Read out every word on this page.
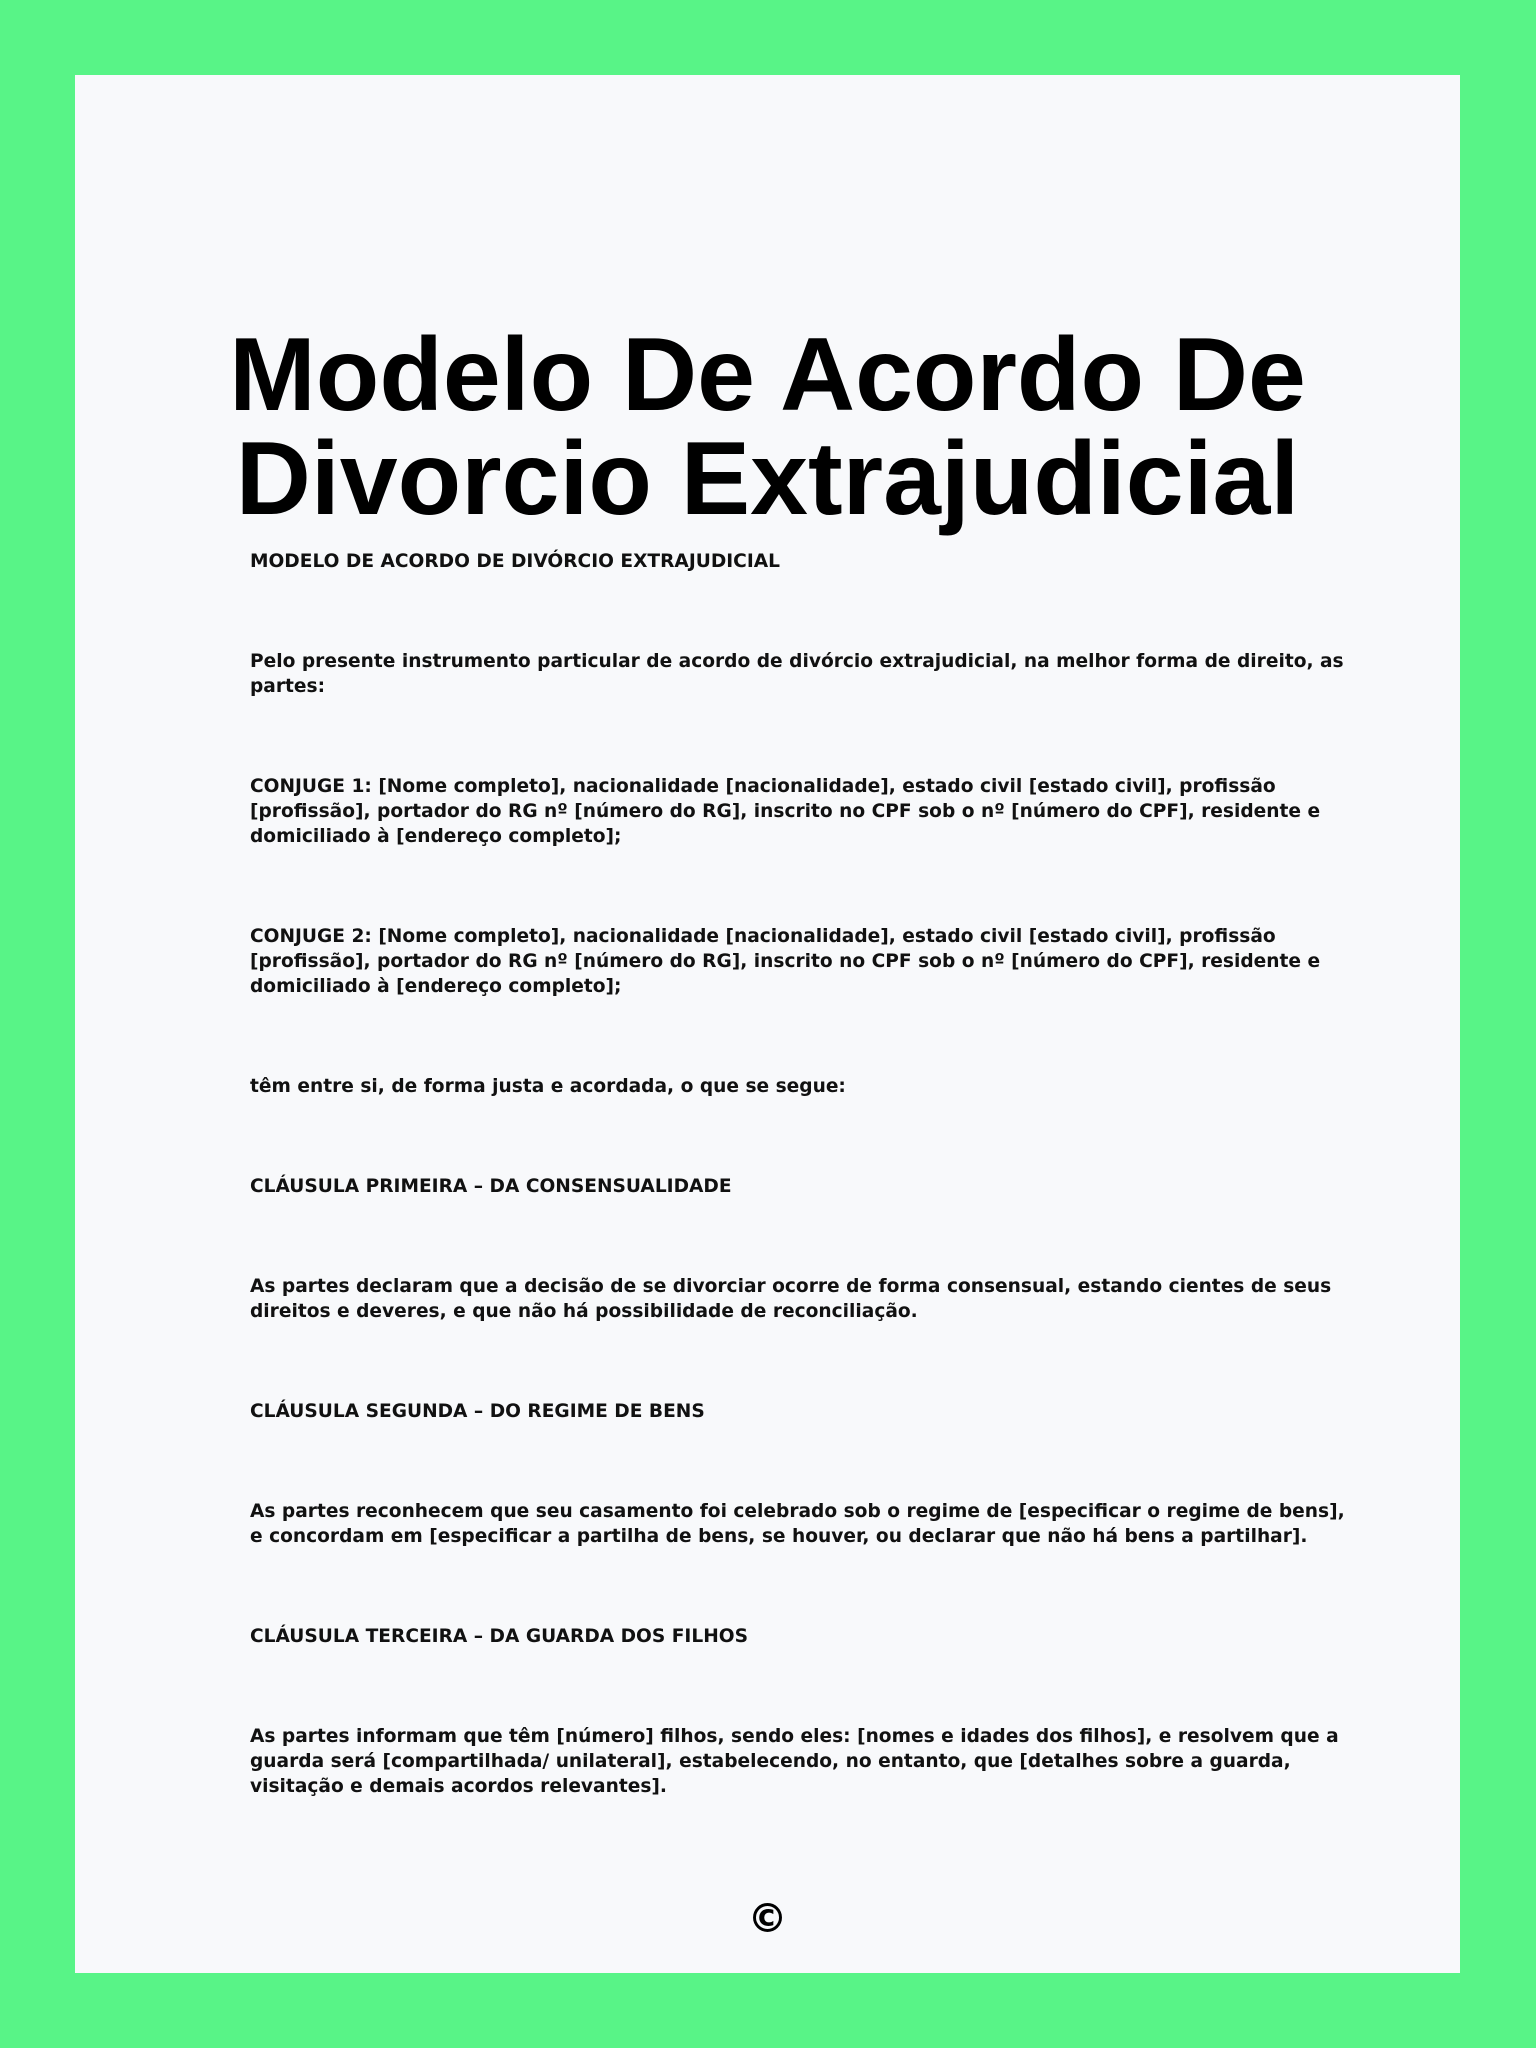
Modelo De Acordo De
Divorcio Extrajudicial

MODELO DE ACORDO DE DIVÓRCIO EXTRAJUDICIAL

Pelo presente instrumento particular de acordo de divórcio extrajudicial, na melhor forma de direito, as partes:

CONJUGE 1: [Nome completo], nacionalidade [nacionalidade], estado civil [estado civil], profissão [profissão], portador do RG nº [número do RG], inscrito no CPF sob o nº [número do CPF], residente e domiciliado à [endereço completo];

CONJUGE 2: [Nome completo], nacionalidade [nacionalidade], estado civil [estado civil], profissão [profissão], portador do RG nº [número do RG], inscrito no CPF sob o nº [número do CPF], residente e domiciliado à [endereço completo];

têm entre si, de forma justa e acordada, o que se segue:

CLÁUSULA PRIMEIRA – DA CONSENSUALIDADE

As partes declaram que a decisão de se divorciar ocorre de forma consensual, estando cientes de seus direitos e deveres, e que não há possibilidade de reconciliação.

CLÁUSULA SEGUNDA – DO REGIME DE BENS

As partes reconhecem que seu casamento foi celebrado sob o regime de [especificar o regime de bens], e concordam em [especificar a partilha de bens, se houver, ou declarar que não há bens a partilhar].

CLÁUSULA TERCEIRA – DA GUARDA DOS FILHOS

As partes informam que têm [número] filhos, sendo eles: [nomes e idades dos filhos], e resolvem que a guarda será [compartilhada/ unilateral], estabelecendo, no entanto, que [detalhes sobre a guarda, visitação e demais acordos relevantes].

©
